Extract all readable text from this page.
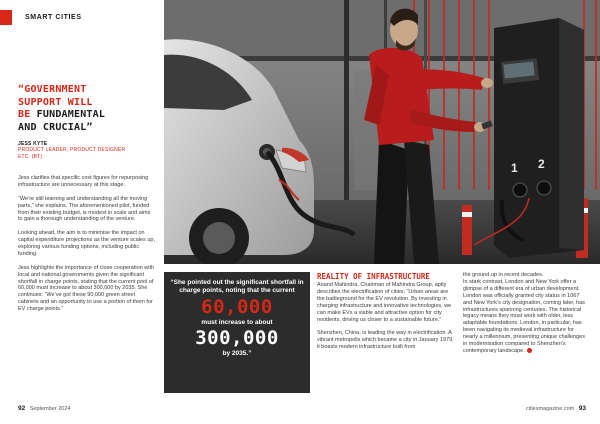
SMART CITIES
“GOVERNMENT
SUPPORT WILL
BE FUNDAMENTAL
AND CRUCIAL”
JESS KYTE
PRODUCT LEADER, PRODUCT DESIGNER
ETC. (BT)

Jess clarifies that specific cost figures for repurposing infrastructure are unnecessary at this stage.

“We’re still learning and understanding all the moving parts,” she explains. The aforementioned pilot, funded from their existing budget, is modest in scale and aims to gain a thorough understanding of the venture.

Looking ahead, the aim is to minimise the impact on capital expenditure projections as the venture scales up, exploring various funding options, including public funding.

Jess highlights the importance of close cooperation with local and national governments given the significant shortfall in charge points, stating that the current pool of 60,000 must increase to about 300,000 by 2035. She continues: “We’ve got these 90,000 green street cabinets and an opportunity to use a portion of them for EV charge points.”

1 2
“She pointed out the significant shortfall in charge points, noting that the current
60,000
must increase to about
300,000
by 2035.”
REALITY OF INFRASTRUCTURE

Anand Mahindra, Chairman of Mahindra Group, aptly describes the electrification of cities: “Urban areas are the battleground for the EV revolution. By investing in charging infrastructure and innovative technologies, we can make EVs a viable and attractive option for city residents, driving us closer to a sustainable future.”

Shenzhen, China, is leading the way in electrification. A vibrant metropolis which became a city in January 1979, it boasts modern infrastructure built from

the ground up in recent decades.

In stark contrast, London and New York offer a glimpse of a different era of urban development. London was officially granted city status in 1067 and New York’s city designation, coming later, has infrastructures spanning centuries. The historical legacy means they must work with older, less adaptable foundations. London, in particular, has been navigating its medieval infrastructure for nearly a millennium, presenting unique challenges in modernisation compared to Shenzhen’s contemporary landscape.

92 September 2024	citiesmagazine.com 93
